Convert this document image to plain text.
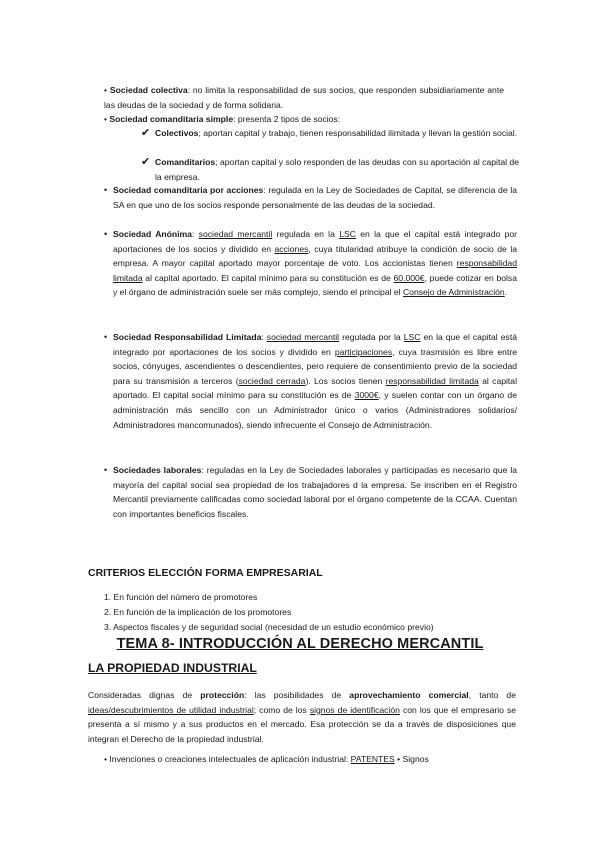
• Sociedad colectiva: no limita la responsabilidad de sus socios, que responden subsidiariamente ante las deudas de la sociedad y de forma solidaria.
• Sociedad comanditaria simple: presenta 2 tipos de socios:
✔ Colectivos; aportan capital y trabajo, tienen responsabilidad ilimitada y llevan la gestión social.
✔ Comanditarios; aportan capital y solo responden de las deudas con su aportación al capital de la empresa.
• Sociedad comanditaria por acciones: regulada en la Ley de Sociedades de Capital, se diferencia de la SA en que uno de los socios responde personalmente de las deudas de la sociedad.
• Sociedad Anónima: sociedad mercantil regulada en la LSC en la que el capital está integrado por aportaciones de los socios y dividido en acciones, cuya titularidad atribuye la condición de socio de la empresa. A mayor capital aportado mayor porcentaje de voto. Los accionistas tienen responsabilidad limitada al capital aportado. El capital mínimo para su constitución es de 60.000€, puede cotizar en bolsa y el órgano de administración suele ser más complejo, siendo el principal el Consejo de Administración.
• Sociedad Responsabilidad Limitada: sociedad mercantil regulada por la LSC en la que el capital está integrado por aportaciones de los socios y dividido en participaciones, cuya trasmisión es libre entre socios, cónyuges, ascendientes o descendientes, pero requiere de consentimiento previo de la sociedad para su transmisión a terceros (sociedad cerrada). Los socios tienen responsabilidad limitada al capital aportado. El capital social mínimo para su constitución es de 3000€, y suelen contar con un órgano de administración más sencillo con un Administrador único o varios (Administradores solidarios/ Administradores mancomunados), siendo infrecuente el Consejo de Administración.
• Sociedades laborales: reguladas en la Ley de Sociedades laborales y participadas es necesario que la mayoría del capital social sea propiedad de los trabajadores d la empresa. Se inscriben en el Registro Mercantil previamente calificadas como sociedad laboral por el órgano competente de la CCAA. Cuentan con importantes beneficios fiscales.
CRITERIOS ELECCIÓN FORMA EMPRESARIAL
1. En función del número de promotores
2. En función de la implicación de los promotores
3. Aspectos fiscales y de seguridad social (necesidad de un estudio económico previo)
TEMA 8- INTRODUCCIÓN AL DERECHO MERCANTIL
LA PROPIEDAD INDUSTRIAL
Consideradas dignas de protección: las posibilidades de aprovechamiento comercial, tanto de ideas/descubrimientos de utilidad industrial; como de los signos de identificación con los que el empresario se presenta a sí mismo y a sus productos en el mercado. Esa protección se da a través de disposiciones que integran el Derecho de la propiedad industrial.
• Invenciones o creaciones intelectuales de aplicación industrial: PATENTES • Signos
